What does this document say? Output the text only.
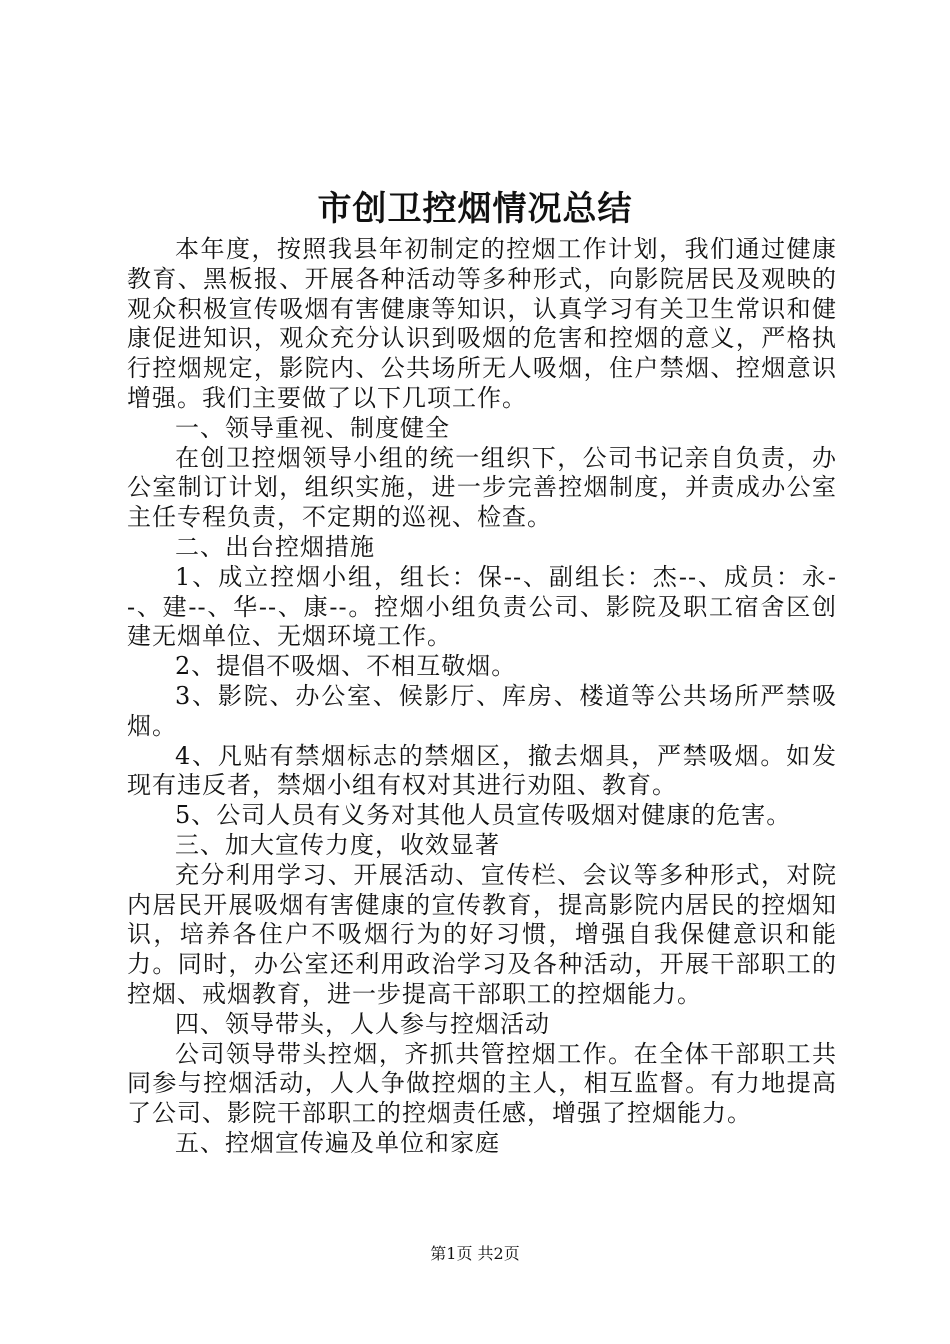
市创卫控烟情况总结

本年度，按照我县年初制定的控烟工作计划，我们通过健康教育、黑板报、开展各种活动等多种形式，向影院居民及观映的观众积极宣传吸烟有害健康等知识，认真学习有关卫生常识和健康促进知识，观众充分认识到吸烟的危害和控烟的意义，严格执行控烟规定，影院内、公共场所无人吸烟，住户禁烟、控烟意识增强。我们主要做了以下几项工作。

一、领导重视、制度健全

在创卫控烟领导小组的统一组织下，公司书记亲自负责，办公室制订计划，组织实施，进一步完善控烟制度，并责成办公室主任专程负责，不定期的巡视、检查。

二、出台控烟措施

1、成立控烟小组，组长：保--、副组长：杰--、成员：永--、建--、华--、康--。控烟小组负责公司、影院及职工宿舍区创建无烟单位、无烟环境工作。

2、提倡不吸烟、不相互敬烟。

3、影院、办公室、候影厅、库房、楼道等公共场所严禁吸烟。

4、凡贴有禁烟标志的禁烟区，撤去烟具，严禁吸烟。如发现有违反者，禁烟小组有权对其进行劝阻、教育。

5、公司人员有义务对其他人员宣传吸烟对健康的危害。

三、加大宣传力度，收效显著

充分利用学习、开展活动、宣传栏、会议等多种形式，对院内居民开展吸烟有害健康的宣传教育，提高影院内居民的控烟知识，培养各住户不吸烟行为的好习惯，增强自我保健意识和能力。同时，办公室还利用政治学习及各种活动，开展干部职工的控烟、戒烟教育，进一步提高干部职工的控烟能力。

四、领导带头，人人参与控烟活动

公司领导带头控烟，齐抓共管控烟工作。在全体干部职工共同参与控烟活动，人人争做控烟的主人，相互监督。有力地提高了公司、影院干部职工的控烟责任感，增强了控烟能力。

五、控烟宣传遍及单位和家庭

第1页 共2页
